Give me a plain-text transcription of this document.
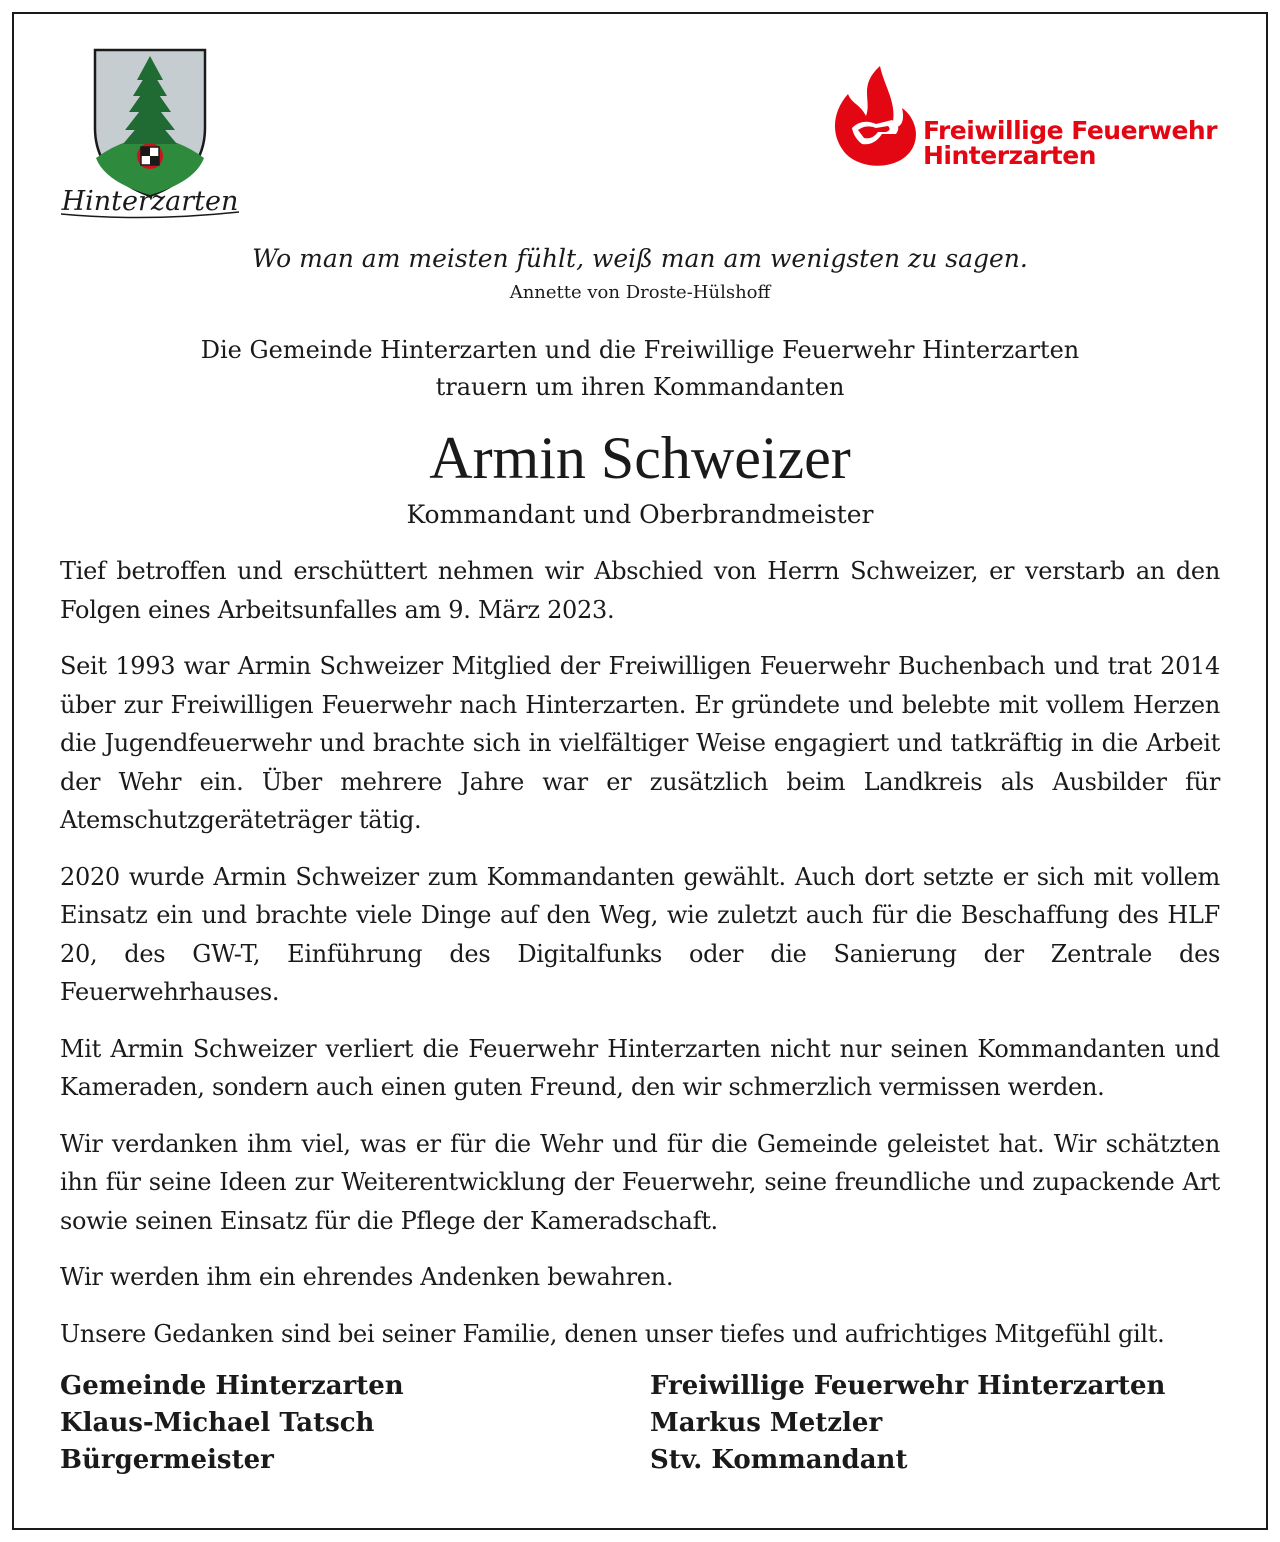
Hinterzarten
Freiwillige Feuerwehr
Hinterzarten
Wo man am meisten fühlt, weiß man am wenigsten zu sagen.
Annette von Droste-Hülshoff
Die Gemeinde Hinterzarten und die Freiwillige Feuerwehr Hinterzarten
trauern um ihren Kommandanten
Armin Schweizer
Kommandant und Oberbrandmeister

Tief betroffen und erschüttert nehmen wir Abschied von Herrn Schweizer, er verstarb an den Folgen eines Arbeitsunfalles am 9. März 2023.

Seit 1993 war Armin Schweizer Mitglied der Freiwilligen Feuerwehr Buchenbach und trat 2014 über zur Freiwilligen Feuerwehr nach Hinterzarten. Er gründete und belebte mit vollem Herzen die Jugendfeuerwehr und brachte sich in vielfältiger Weise engagiert und tatkräftig in die Arbeit der Wehr ein. Über mehrere Jahre war er zusätzlich beim Landkreis als Ausbilder für Atemschutzgeräteträger tätig.

2020 wurde Armin Schweizer zum Kommandanten gewählt. Auch dort setzte er sich mit vollem Einsatz ein und brachte viele Dinge auf den Weg, wie zuletzt auch für die Beschaffung des HLF 20, des GW-T, Einführung des Digitalfunks oder die Sanierung der Zentrale des Feuerwehrhauses.

Mit Armin Schweizer verliert die Feuerwehr Hinterzarten nicht nur seinen Kommandanten und Kameraden, sondern auch einen guten Freund, den wir schmerzlich vermissen werden.

Wir verdanken ihm viel, was er für die Wehr und für die Gemeinde geleistet hat. Wir schätzten ihn für seine Ideen zur Weiterentwicklung der Feuerwehr, seine freundliche und zupackende Art sowie seinen Einsatz für die Pflege der Kameradschaft.

Wir werden ihm ein ehrendes Andenken bewahren.

Unsere Gedanken sind bei seiner Familie, denen unser tiefes und aufrichtiges Mitgefühl gilt.

Gemeinde Hinterzarten
Klaus-Michael Tatsch
Bürgermeister
Freiwillige Feuerwehr Hinterzarten
Markus Metzler
Stv. Kommandant
